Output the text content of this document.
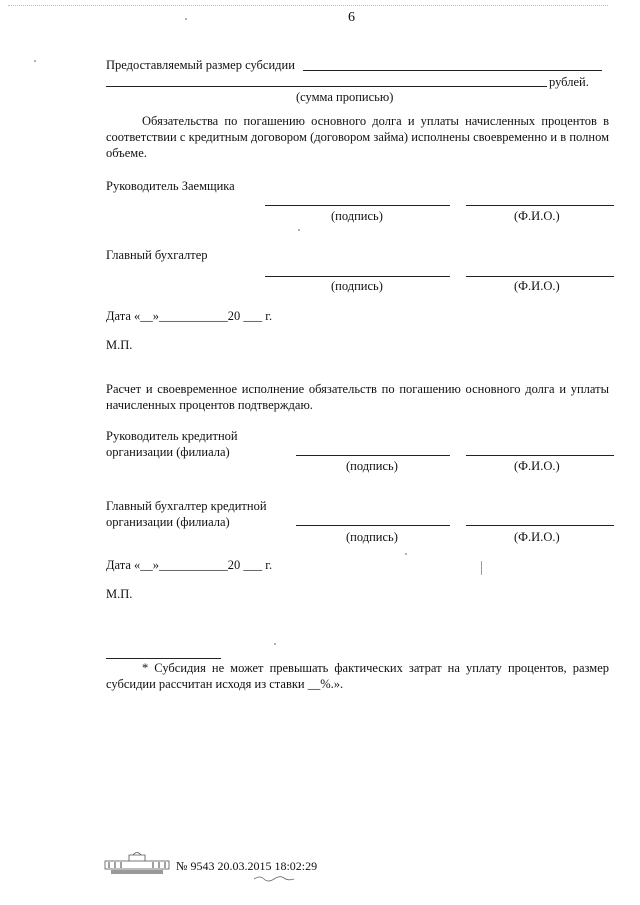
6
Предоставляемый размер субсидии
рублей.
(сумма прописью)
Обязательства по погашению основного долга и уплаты начисленных процентов в соответствии с кредитным договором (договором займа) исполнены своевременно и в полном объеме.
Руководитель Заемщика
(подпись)	(Ф.И.О.)
Главный бухгалтер
(подпись)	(Ф.И.О.)
Дата «__»___________20 ___ г.
М.П.
Расчет и своевременное исполнение обязательств по погашению основного долга и уплаты начисленных процентов подтверждаю.
Руководитель кредитной
организации (филиала)
(подпись)	(Ф.И.О.)
Главный бухгалтер кредитной
организации (филиала)
(подпись)	(Ф.И.О.)
Дата «__»___________20 ___ г.
М.П.
* Субсидия не может превышать фактических затрат на уплату процентов, размер субсидии рассчитан исходя из ставки __%.».
№ 9543 20.03.2015 18:02:29
